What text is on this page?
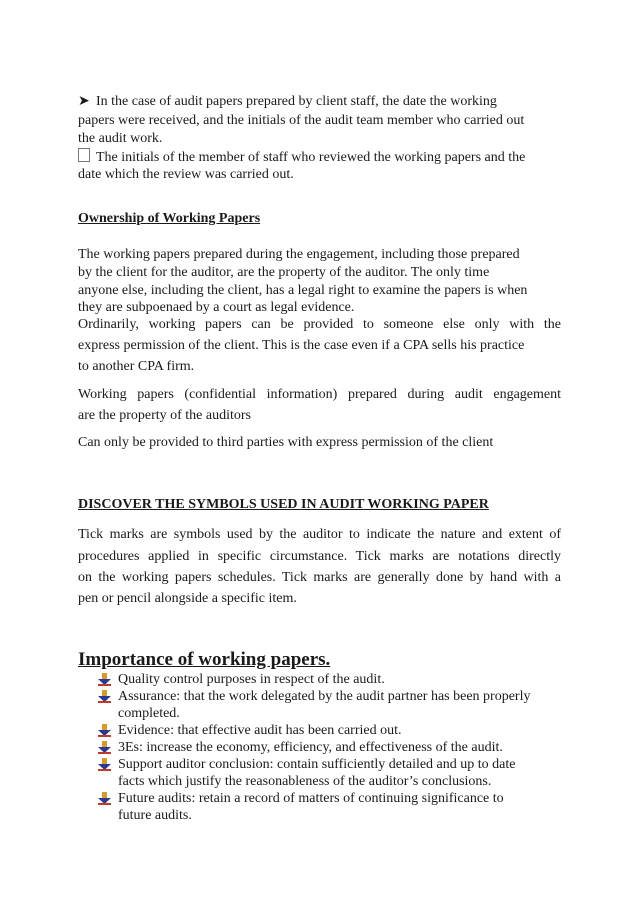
➤ In the case of audit papers prepared by client staff, the date the working
papers were received, and the initials of the audit team member who carried out
the audit work.
The initials of the member of staff who reviewed the working papers and the
date which the review was carried out.
Ownership of Working Papers
The working papers prepared during the engagement, including those prepared
by the client for the auditor, are the property of the auditor. The only time
anyone else, including the client, has a legal right to examine the papers is when
they are subpoenaed by a court as legal evidence.
Ordinarily, working papers can be provided to someone else only with the
express permission of the client. This is the case even if a CPA sells his practice
to another CPA firm.
Working papers (confidential information) prepared during audit engagement
are the property of the auditors
Can only be provided to third parties with express permission of the client
DISCOVER THE SYMBOLS USED IN AUDIT WORKING PAPER
Tick marks are symbols used by the auditor to indicate the nature and extent of
procedures applied in specific circumstance. Tick marks are notations directly
on the working papers schedules. Tick marks are generally done by hand with a
pen or pencil alongside a specific item.
Importance of working papers.
Quality control purposes in respect of the audit.
Assurance: that the work delegated by the audit partner has been properly
completed.
Evidence: that effective audit has been carried out.
3Es: increase the economy, efficiency, and effectiveness of the audit.
Support auditor conclusion: contain sufficiently detailed and up to date
facts which justify the reasonableness of the auditor’s conclusions.
Future audits: retain a record of matters of continuing significance to
future audits.
